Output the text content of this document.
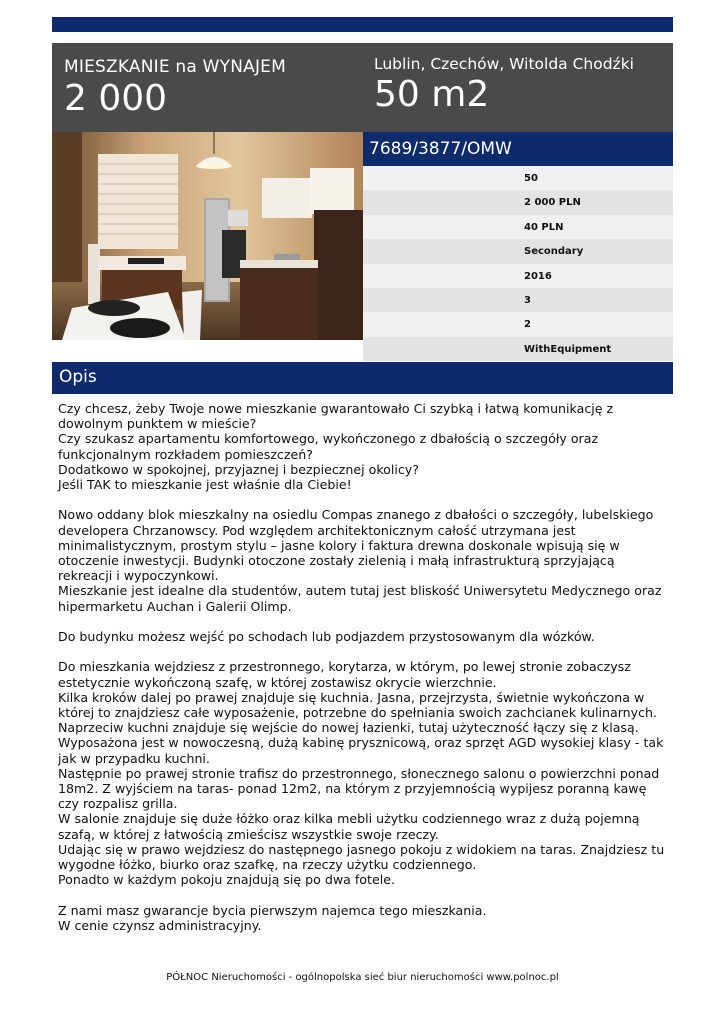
MIESZKANIE na WYNAJEM
2 000
Lublin, Czechów, Witolda Chodźki
50 m2
7689/3877/OMW
50
2 000 PLN
40 PLN
Secondary
2016
3
2
WithEquipment
Opis

Czy chcesz, żeby Twoje nowe mieszkanie gwarantowało Ci szybką i łatwą komunikację z dowolnym punktem w mieście?

Czy szukasz apartamentu komfortowego, wykończonego z dbałością o szczegóły oraz funkcjonalnym rozkładem pomieszczeń?

Dodatkowo w spokojnej, przyjaznej i bezpiecznej okolicy?

Jeśli TAK to mieszkanie jest właśnie dla Ciebie!

Nowo oddany blok mieszkalny na osiedlu Compas znanego z dbałości o szczegóły, lubelskiego developera Chrzanowscy. Pod względem architektonicznym całość utrzymana jest minimalistycznym, prostym stylu – jasne kolory i faktura drewna doskonale wpisują się w otoczenie inwestycji. Budynki otoczone zostały zielenią i małą infrastrukturą sprzyjającą rekreacji i wypoczynkowi.

Mieszkanie jest idealne dla studentów, autem tutaj jest bliskość Uniwersytetu Medycznego oraz hipermarketu Auchan i Galerii Olimp.

Do budynku możesz wejść po schodach lub podjazdem przystosowanym dla wózków.

Do mieszkania wejdziesz z przestronnego, korytarza, w którym, po lewej stronie zobaczysz estetycznie wykończoną szafę, w której zostawisz okrycie wierzchnie.

Kilka kroków dalej po prawej znajduje się kuchnia. Jasna, przejrzysta, świetnie wykończona w której to znajdziesz całe wyposażenie, potrzebne do spełniania swoich zachcianek kulinarnych.

Naprzeciw kuchni znajduje się wejście do nowej łazienki, tutaj użyteczność łączy się z klasą.

Wyposażona jest w nowoczesną, dużą kabinę prysznicową, oraz sprzęt AGD wysokiej klasy - tak jak w przypadku kuchni.

Następnie po prawej stronie trafisz do przestronnego, słonecznego salonu o powierzchni ponad 18m2. Z wyjściem na taras- ponad 12m2, na którym z przyjemnością wypijesz poranną kawę czy rozpalisz grilla.

W salonie znajduje się duże łóżko oraz kilka mebli użytku codziennego wraz z dużą pojemną szafą, w której z łatwością zmieścisz wszystkie swoje rzeczy.

Udając się w prawo wejdziesz do następnego jasnego pokoju z widokiem na taras. Znajdziesz tu wygodne łóżko, biurko oraz szafkę, na rzeczy użytku codziennego.

Ponadto w każdym pokoju znajdują się po dwa fotele.

Z nami masz gwarancje bycia pierwszym najemca tego mieszkania.

W cenie czynsz administracyjny.

PÓŁNOC Nieruchomości - ogólnopolska sieć biur nieruchomości www.polnoc.pl
